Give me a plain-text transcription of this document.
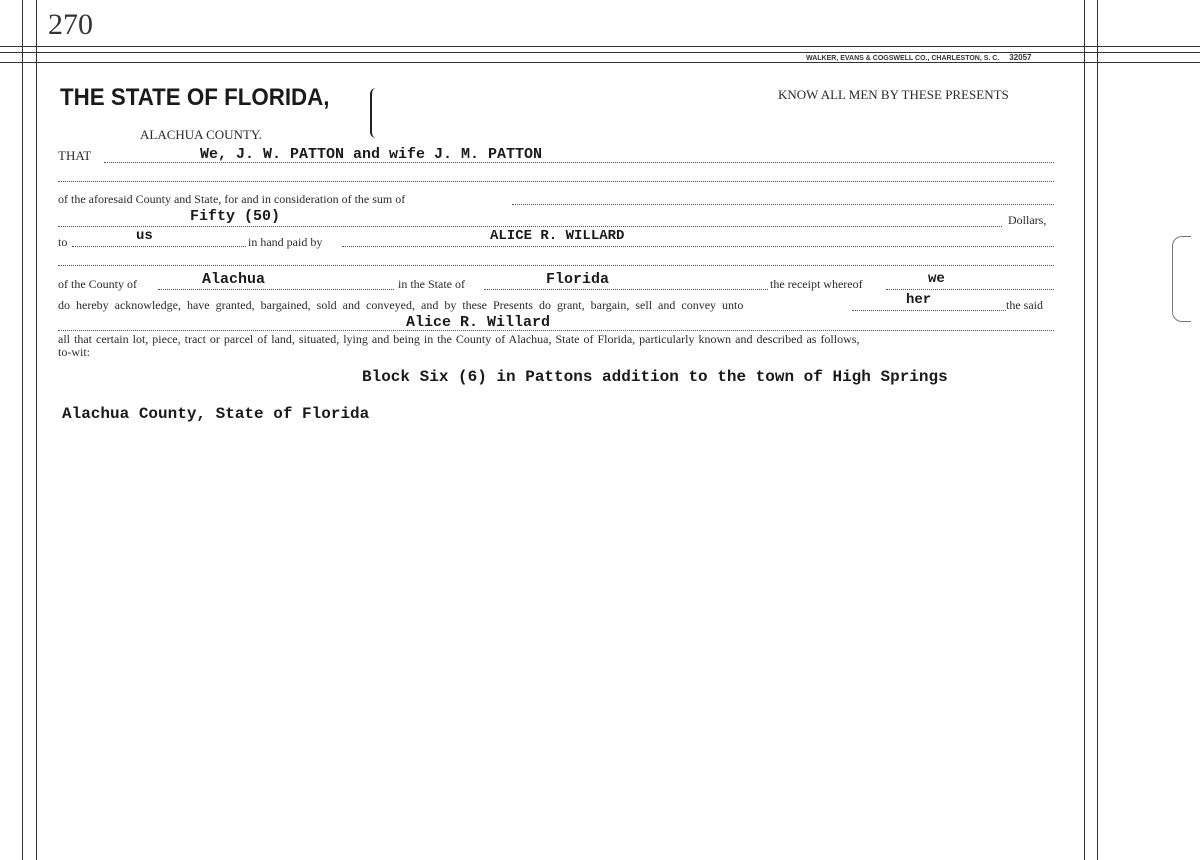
270
WALKER, EVANS & COGSWELL CO., CHARLESTON, S. C. 32057
THE STATE OF FLORIDA,
ALACHUA COUNTY.
KNOW ALL MEN BY THESE PRESENTS
THAT	We, J. W. PATTON and wife J. M. PATTON
of the aforesaid County and State, for and in consideration of the sum of
Fifty (50)	Dollars,
to	us	in hand paid by	ALICE R. WILLARD
of the County of	Alachua	in the State of	Florida	the receipt whereof	we
do hereby acknowledge, have granted, bargained, sold and conveyed, and by these Presents do grant, bargain, sell and convey unto	her	the said
Alice R. Willard
all that certain lot, piece, tract or parcel of land, situated, lying and being in the County of Alachua, State of Florida, particularly known and described as follows,
to-wit:
Block Six (6) in Pattons addition to the town of High Springs
Alachua County, State of Florida
